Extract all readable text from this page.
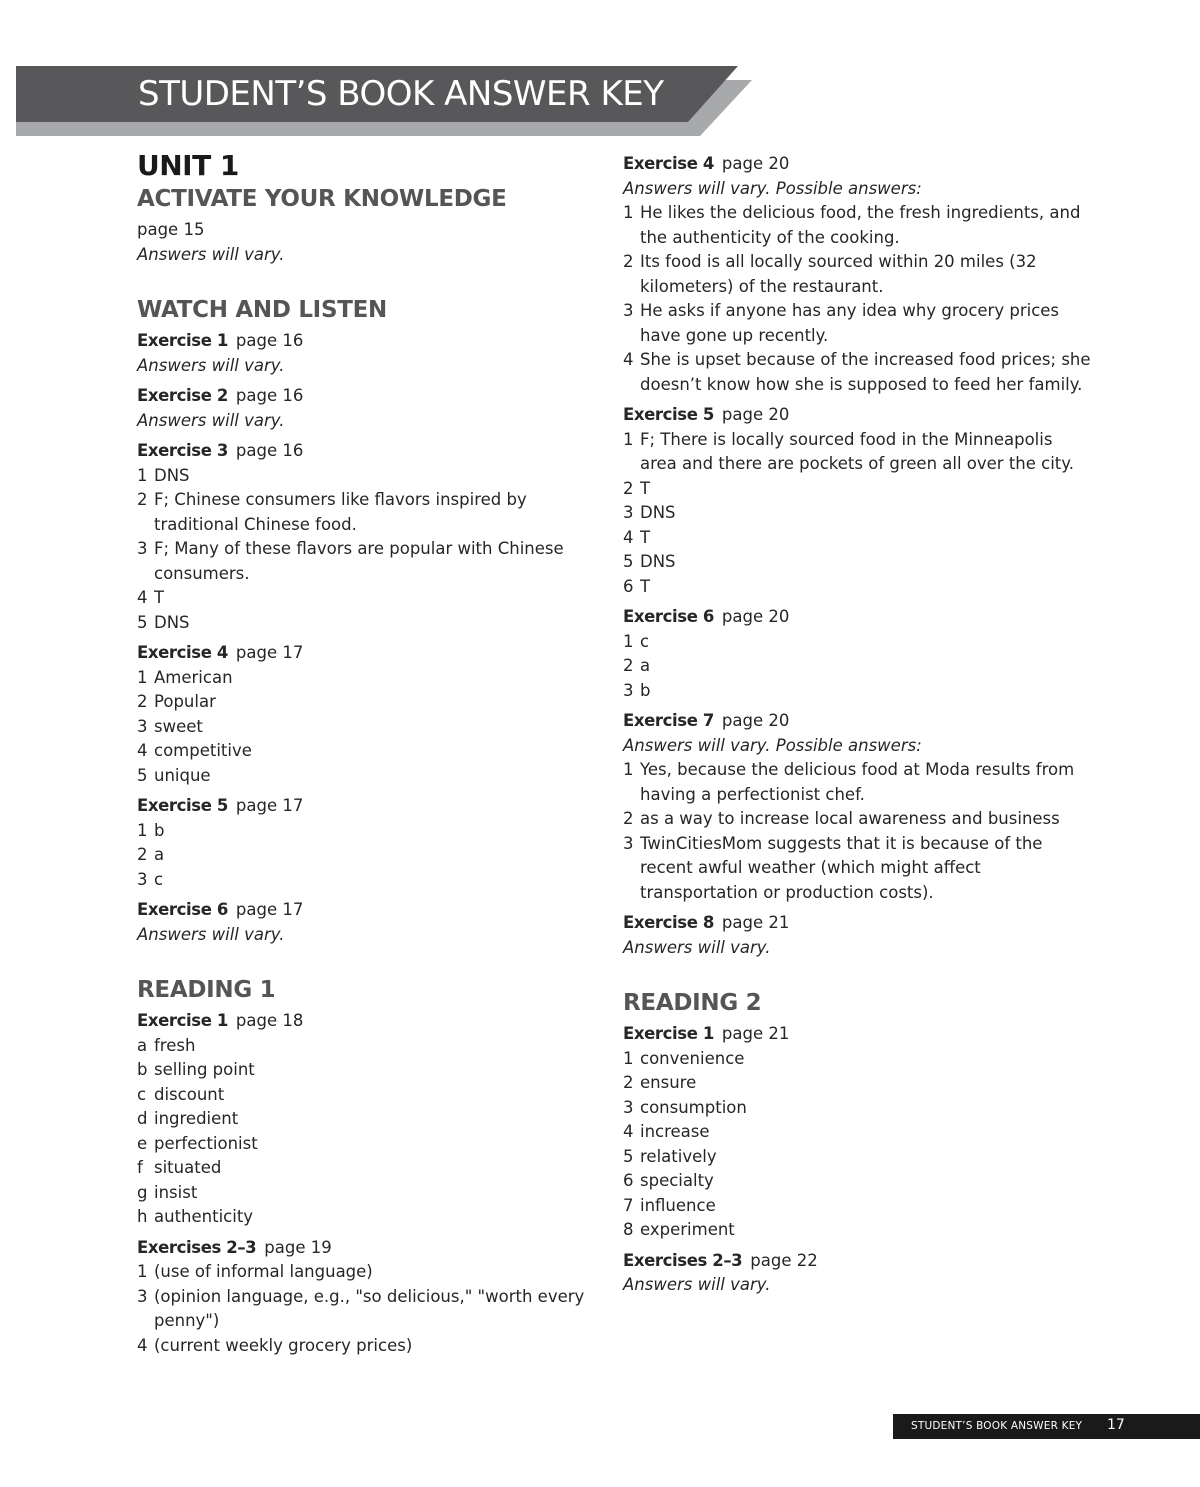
STUDENT’S BOOK ANSWER KEY
UNIT 1
ACTIVATE YOUR KNOWLEDGE

page 15

Answers will vary.

WATCH AND LISTEN

Exercise 1 page 16

Answers will vary.

Exercise 2 page 16

Answers will vary.

Exercise 3 page 16

1 DNS
2 F; Chinese consumers like flavors inspired by traditional Chinese food.
3 F; Many of these flavors are popular with Chinese consumers.
4 T
5 DNS

Exercise 4 page 17

1 American
2 Popular
3 sweet
4 competitive
5 unique

Exercise 5 page 17

1 b
2 a
3 c

Exercise 6 page 17

Answers will vary.

READING 1

Exercise 1 page 18

a fresh
b selling point
c discount
d ingredient
e perfectionist
f situated
g insist
h authenticity

Exercises 2–3 page 19

1 (use of informal language)
3 (opinion language, e.g., "so delicious," "worth every penny")
4 (current weekly grocery prices)

Exercise 4 page 20

Answers will vary. Possible answers:

1 He likes the delicious food, the fresh ingredients, and the authenticity of the cooking.
2 Its food is all locally sourced within 20 miles (32 kilometers) of the restaurant.
3 He asks if anyone has any idea why grocery prices have gone up recently.
4 She is upset because of the increased food prices; she doesn’t know how she is supposed to feed her family.

Exercise 5 page 20

1 F; There is locally sourced food in the Minneapolis area and there are pockets of green all over the city.
2 T
3 DNS
4 T
5 DNS
6 T

Exercise 6 page 20

1 c
2 a
3 b

Exercise 7 page 20

Answers will vary. Possible answers:

1 Yes, because the delicious food at Moda results from having a perfectionist chef.
2 as a way to increase local awareness and business
3 TwinCitiesMom suggests that it is because of the recent awful weather (which might affect transportation or production costs).

Exercise 8 page 21

Answers will vary.

READING 2

Exercise 1 page 21

1 convenience
2 ensure
3 consumption
4 increase
5 relatively
6 specialty
7 influence
8 experiment

Exercises 2–3 page 22

Answers will vary.

STUDENT’S BOOK ANSWER KEY 17
